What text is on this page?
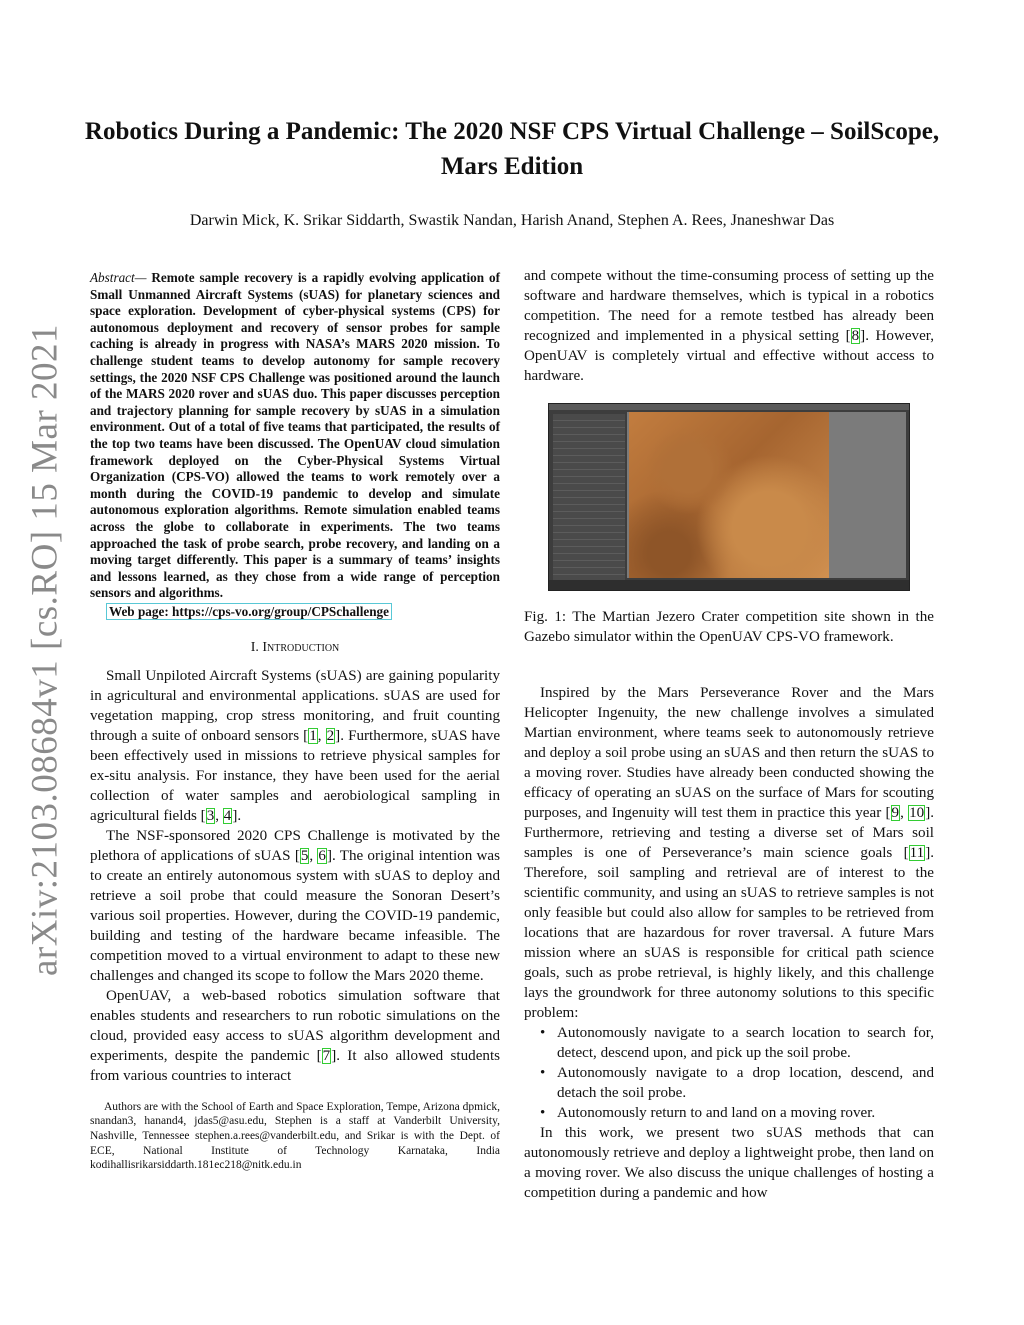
arXiv:2103.08684v1 [cs.RO] 15 Mar 2021
Robotics During a Pandemic: The 2020 NSF CPS Virtual Challenge – SoilScope, Mars Edition
Darwin Mick, K. Srikar Siddarth, Swastik Nandan, Harish Anand, Stephen A. Rees, Jnaneshwar Das

Abstract— Remote sample recovery is a rapidly evolving application of Small Unmanned Aircraft Systems (sUAS) for planetary sciences and space exploration. Development of cyber-physical systems (CPS) for autonomous deployment and recovery of sensor probes for sample caching is already in progress with NASA’s MARS 2020 mission. To challenge student teams to develop autonomy for sample recovery settings, the 2020 NSF CPS Challenge was positioned around the launch of the MARS 2020 rover and sUAS duo. This paper discusses perception and trajectory planning for sample recovery by sUAS in a simulation environment. Out of a total of five teams that participated, the results of the top two teams have been discussed. The OpenUAV cloud simulation framework deployed on the Cyber-Physical Systems Virtual Organization (CPS-VO) allowed the teams to work remotely over a month during the COVID-19 pandemic to develop and simulate autonomous exploration algorithms. Remote simulation enabled teams across the globe to collaborate in experiments. The two teams approached the task of probe search, probe recovery, and landing on a moving target differently. This paper is a summary of teams’ insights and lessons learned, as they chose from a wide range of perception sensors and algorithms.

Web page: https://cps-vo.org/group/CPSchallenge
I. Introduction

Small Unpiloted Aircraft Systems (sUAS) are gaining popularity in agricultural and environmental applications. sUAS are used for vegetation mapping, crop stress monitoring, and fruit counting through a suite of onboard sensors [1, 2]. Furthermore, sUAS have been effectively used in missions to retrieve physical samples for ex-situ analysis. For instance, they have been used for the aerial collection of water samples and aerobiological sampling in agricultural fields [3, 4].

The NSF-sponsored 2020 CPS Challenge is motivated by the plethora of applications of sUAS [5, 6]. The original intention was to create an entirely autonomous system with sUAS to deploy and retrieve a soil probe that could measure the Sonoran Desert’s various soil properties. However, during the COVID-19 pandemic, building and testing of the hardware became infeasible. The competition moved to a virtual environment to adapt to these new challenges and changed its scope to follow the Mars 2020 theme.

OpenUAV, a web-based robotics simulation software that enables students and researchers to run robotic simulations on the cloud, provided easy access to sUAS algorithm development and experiments, despite the pandemic [7]. It also allowed students from various countries to interact

Authors are with the School of Earth and Space Exploration, Tempe, Arizona dpmick, snandan3, hanand4, jdas5@asu.edu, Stephen is a staff at Vanderbilt University, Nashville, Tennessee stephen.a.rees@vanderbilt.edu, and Srikar is with the Dept. of ECE, National Institute of Technology Karnataka, India kodihallisrikarsiddarth.181ec218@nitk.edu.in

and compete without the time-consuming process of setting up the software and hardware themselves, which is typical in a robotics competition. The need for a remote testbed has already been recognized and implemented in a physical setting [8]. However, OpenUAV is completely virtual and effective without access to hardware.

Fig. 1: The Martian Jezero Crater competition site shown in the Gazebo simulator within the OpenUAV CPS-VO framework.

Inspired by the Mars Perseverance Rover and the Mars Helicopter Ingenuity, the new challenge involves a simulated Martian environment, where teams seek to autonomously retrieve and deploy a soil probe using an sUAS and then return the sUAS to a moving rover. Studies have already been conducted showing the efficacy of operating an sUAS on the surface of Mars for scouting purposes, and Ingenuity will test them in practice this year [9, 10]. Furthermore, retrieving and testing a diverse set of Mars soil samples is one of Perseverance’s main science goals [11]. Therefore, soil sampling and retrieval are of interest to the scientific community, and using an sUAS to retrieve samples is not only feasible but could also allow for samples to be retrieved from locations that are hazardous for rover traversal. A future Mars mission where an sUAS is responsible for critical path science goals, such as probe retrieval, is highly likely, and this challenge lays the groundwork for three autonomy solutions to this specific problem:

• Autonomously navigate to a search location to search for, detect, descend upon, and pick up the soil probe.
• Autonomously navigate to a drop location, descend, and detach the soil probe.
• Autonomously return to and land on a moving rover.

In this work, we present two sUAS methods that can autonomously retrieve and deploy a lightweight probe, then land on a moving rover. We also discuss the unique challenges of hosting a competition during a pandemic and how
